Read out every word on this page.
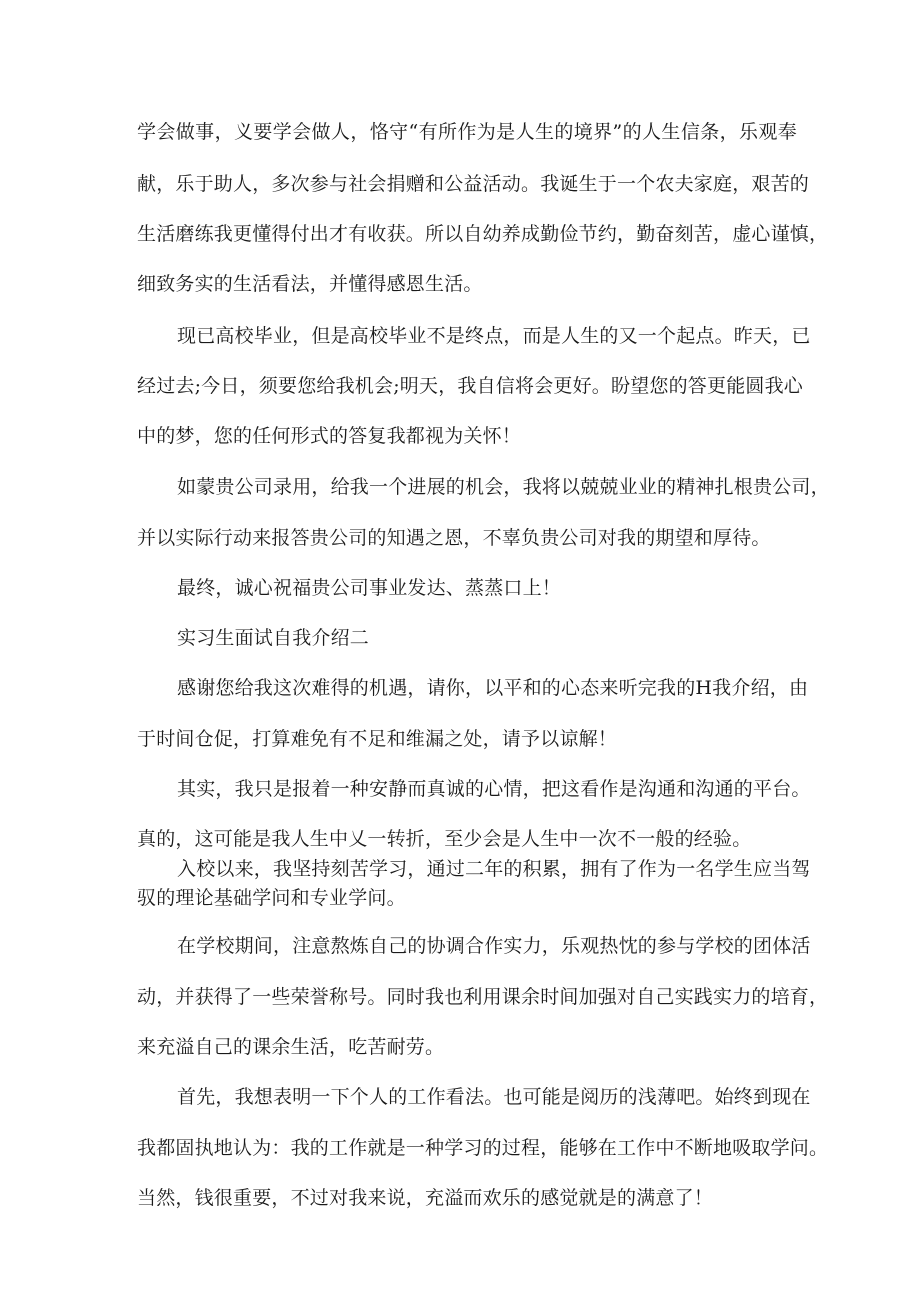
学会做事，义要学会做人，恪守“有所作为是人生的境界”的人生信条，乐观奉
献，乐于助人，多次参与社会捐赠和公益活动。我诞生于一个农夫家庭，艰苦的
生活磨练我更懂得付出才有收获。所以自幼养成勤俭节约，勤奋刻苦，虚心谨慎，
细致务实的生活看法，并懂得感恩生活。
现已高校毕业，但是高校毕业不是终点，而是人生的又一个起点。昨天，已
经过去;今日，须要您给我机会;明天，我自信将会更好。盼望您的答更能圆我心
中的梦，您的任何形式的答复我都视为关怀！
如蒙贵公司录用，给我一个进展的机会，我将以兢兢业业的精神扎根贵公司，
并以实际行动来报答贵公司的知遇之恩，不辜负贵公司对我的期望和厚待。
最终，诚心祝福贵公司事业发达、蒸蒸口上！
实习生面试自我介绍二
感谢您给我这次难得的机遇，请你，以平和的心态来听完我的H我介绍，由
于时间仓促，打算难免有不足和维漏之处，请予以谅解！
其实，我只是报着一种安静而真诚的心情，把这看作是沟通和沟通的平台。
真的，这可能是我人生中乂一转折，至少会是人生中一次不一般的经验。
入校以来，我坚持刻苦学习，通过二年的积累，拥有了作为一名学生应当驾
驭的理论基础学问和专业学问。
在学校期间，注意熬炼自己的协调合作实力，乐观热忱的参与学校的团体活
动，并获得了一些荣誉称号。同时我也利用课余时间加强对自己实践实力的培育，
来充溢自己的课余生活，吃苦耐劳。
首先，我想表明一下个人的工作看法。也可能是阅历的浅薄吧。始终到现在
我都固执地认为：我的工作就是一种学习的过程，能够在工作中不断地吸取学问。
当然，钱很重要，不过对我来说，充溢而欢乐的感觉就是的满意了！
